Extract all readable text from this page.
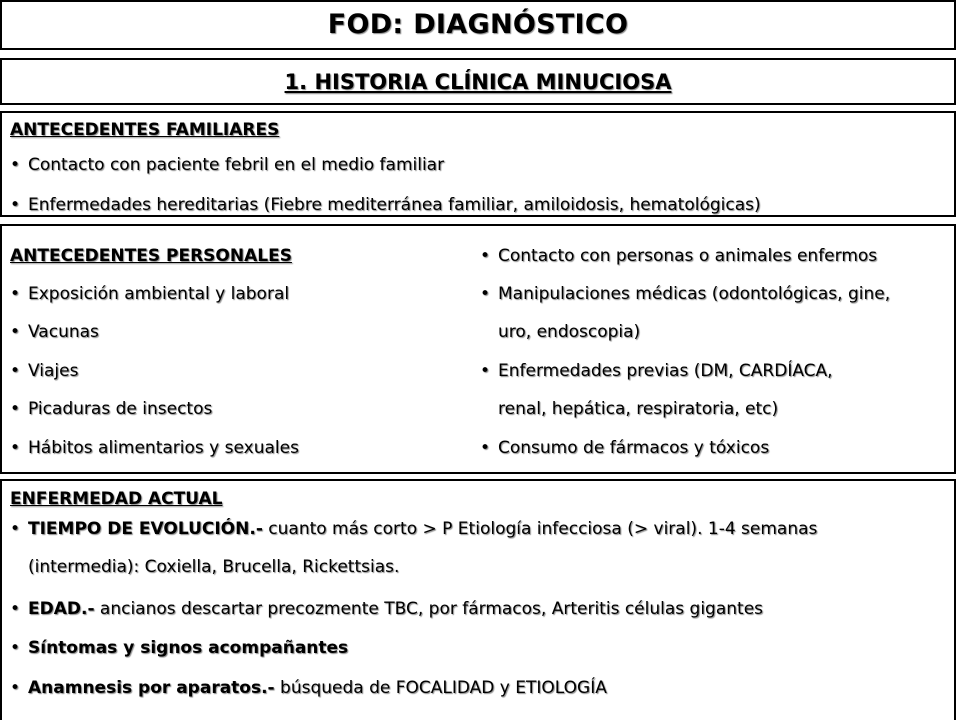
FOD: DIAGNÓSTICO
1. HISTORIA CLÍNICA MINUCIOSA
ANTECEDENTES FAMILIARES
• Contacto con paciente febril en el medio familiar
• Enfermedades hereditarias (Fiebre mediterránea familiar, amiloidosis, hematológicas)
ANTECEDENTES PERSONALES
• Exposición ambiental y laboral
• Vacunas
• Viajes
• Picaduras de insectos
• Hábitos alimentarios y sexuales
• Contacto con personas o animales enfermos
• Manipulaciones médicas (odontológicas, gine,
uro, endoscopia)
• Enfermedades previas (DM, CARDÍACA,
renal, hepática, respiratoria, etc)
• Consumo de fármacos y tóxicos
ENFERMEDAD ACTUAL
• TIEMPO DE EVOLUCIÓN.- cuanto más corto > P Etiología infecciosa (> viral). 1-4 semanas
(intermedia): Coxiella, Brucella, Rickettsias.
• EDAD.- ancianos descartar precozmente TBC, por fármacos, Arteritis células gigantes
• Síntomas y signos acompañantes
• Anamnesis por aparatos.- búsqueda de FOCALIDAD y ETIOLOGÍA
